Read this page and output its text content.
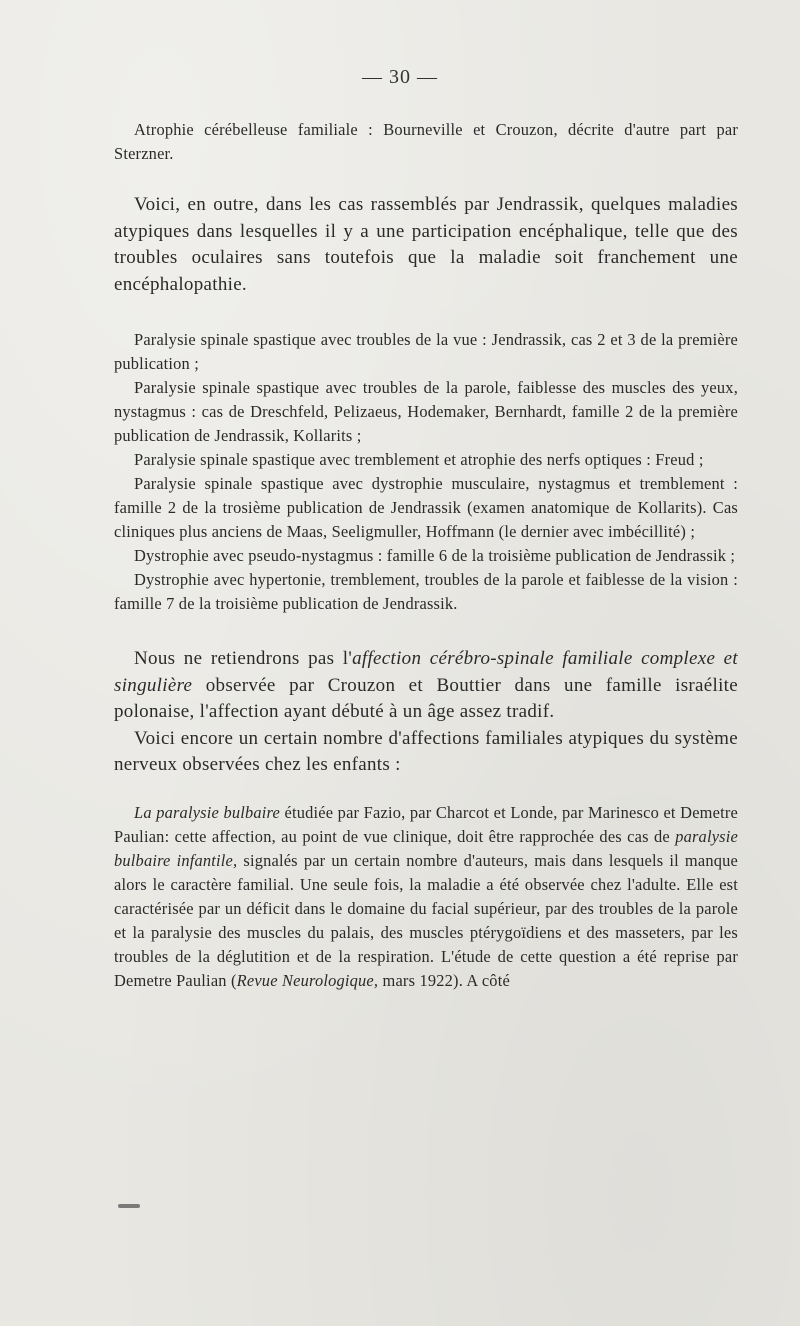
— 30 —

Atrophie cérébelleuse familiale : Bourneville et Crouzon, décrite d'autre part par Sterzner.

Voici, en outre, dans les cas rassemblés par Jendrassik, quelques maladies atypiques dans lesquelles il y a une participation encéphalique, telle que des troubles oculaires sans toutefois que la maladie soit franchement une encéphalopathie.

Paralysie spinale spastique avec troubles de la vue : Jendrassik, cas 2 et 3 de la première publication ;

Paralysie spinale spastique avec troubles de la parole, faiblesse des muscles des yeux, nystagmus : cas de Dreschfeld, Pelizaeus, Hodemaker, Bernhardt, famille 2 de la première publication de Jendrassik, Kollarits ;

Paralysie spinale spastique avec tremblement et atrophie des nerfs optiques : Freud ;

Paralysie spinale spastique avec dystrophie musculaire, nystagmus et tremblement : famille 2 de la trosième publication de Jendrassik (examen anatomique de Kollarits). Cas cliniques plus anciens de Maas, Seeligmuller, Hoffmann (le dernier avec imbécillité) ;

Dystrophie avec pseudo-nystagmus : famille 6 de la troisième publication de Jendrassik ;

Dystrophie avec hypertonie, tremblement, troubles de la parole et faiblesse de la vision : famille 7 de la troisième publication de Jendrassik.

Nous ne retiendrons pas l'affection cérébro-spinale familiale complexe et singulière observée par Crouzon et Bouttier dans une famille israélite polonaise, l'affection ayant débuté à un âge assez tradif.

Voici encore un certain nombre d'affections familiales atypiques du système nerveux observées chez les enfants :

La paralysie bulbaire étudiée par Fazio, par Charcot et Londe, par Marinesco et Demetre Paulian: cette affection, au point de vue clinique, doit être rapprochée des cas de paralysie bulbaire infantile, signalés par un certain nombre d'auteurs, mais dans lesquels il manque alors le caractère familial. Une seule fois, la maladie a été observée chez l'adulte. Elle est caractérisée par un déficit dans le domaine du facial supérieur, par des troubles de la parole et la paralysie des muscles du palais, des muscles ptérygoïdiens et des masseters, par les troubles de la déglutition et de la respiration. L'étude de cette question a été reprise par Demetre Paulian (Revue Neurologique, mars 1922). A côté
